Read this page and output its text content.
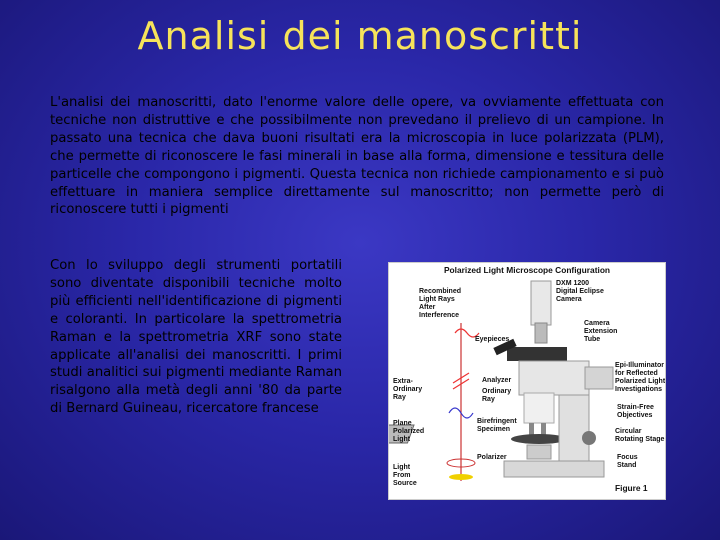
Analisi dei manoscritti

L'analisi dei manoscritti, dato l'enorme valore delle opere, va ovviamente effettuata con tecniche non distruttive e che possibilmente non prevedano il prelievo di un campione. In passato una tecnica che dava buoni risultati era la microscopia in luce polarizzata (PLM), che permette di riconoscere le fasi minerali in base alla forma, dimensione e tessitura delle particelle che compongono i pigmenti. Questa tecnica non richiede campionamento e si può effettuare in maniera semplice direttamente sul manoscritto; non permette però di riconoscere tutti i pigmenti

Con lo sviluppo degli strumenti portatili sono diventate disponibili tecniche molto più efficienti nell'identificazione di pigmenti e coloranti. In particolare la spettrometria Raman e la spettrometria XRF sono state applicate all'analisi dei manoscritti. I primi studi analitici sui pigmenti mediante Raman risalgono alla metà degli anni '80 da parte di Bernard Guineau, ricercatore francese

Polarized Light Microscope Configuration
Recombined Light Rays After Interference
DXM 1200 Digital Eclipse Camera
Camera Extension Tube
Eyepieces
Epi-Illuminator for Reflected Polarized Light Investigations
Analyzer
Ordinary Ray
Extra-Ordinary Ray
Strain-Free Objectives
Birefringent Specimen
Plane Polarized Light
Circular Rotating Stage
Focus Stand
Polarizer
Light From Source	Figure 1
